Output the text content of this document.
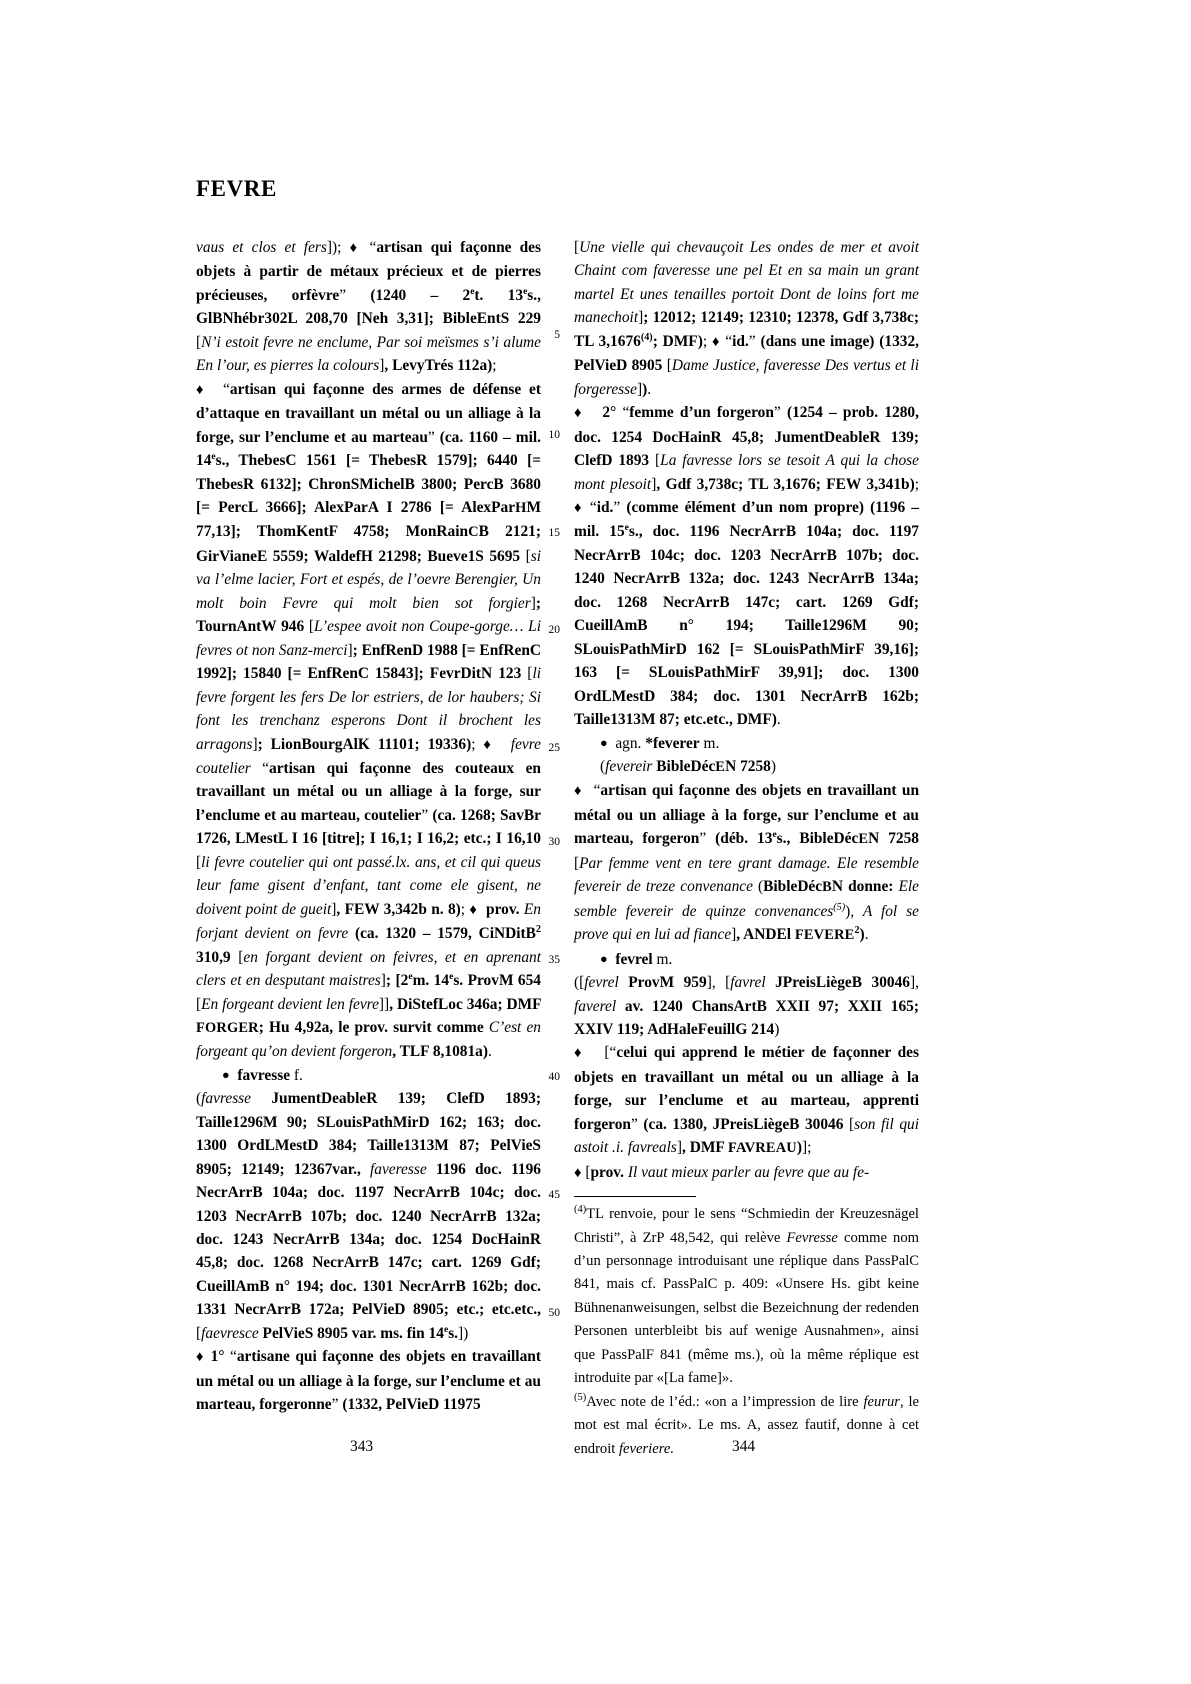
FEVRE

vaus et clos et fers]); ♦ “artisan qui façonne des objets à partir de métaux précieux et de pierres précieuses, orfèvre” (1240 – 2et. 13es., GlBNhébr302L 208,70 [Neh 3,31]; BibleEntS 229 [N’i estoit fevre ne enclume, Par soi meïsmes s’i alume En l’our, es pierres la colours], LevyTrés 112a);

♦   “artisan qui façonne des armes de défense et d’attaque en travaillant un métal ou un alliage à la forge, sur l’enclume et au marteau” (ca. 1160 – mil. 14es., ThebesC 1561 [= ThebesR 1579]; 6440 [= ThebesR 6132]; ChronSMichelB 3800; PercB 3680 [= PercL 3666]; AlexParA I 2786 [= AlexParHM 77,13]; ThomKentF 4758; MonRainCB 2121; GirVianeE 5559; WaldefH 21298; Bueve1S 5695 [si va l’elme lacier, Fort et espés, de l’oevre Berengier, Un molt boin Fevre qui molt bien sot forgier]; TournAntW 946 [L’espee avoit non Coupe-gorge… Li fevres ot non Sanz-merci]; EnfRenD 1988 [= EnfRenC 1992]; 15840 [= EnfRenC 15843]; FevrDitN 123 [li fevre forgent les fers De lor estriers, de lor haubers; Si font les trenchanz esperons Dont il brochent les arragons]; LionBourgAlK 11101; 19336); ♦   fevre coutelier “artisan qui façonne des couteaux en travaillant un métal ou un alliage à la forge, sur l’enclume et au marteau, coutelier” (ca. 1268; SavBr 1726, LMestL I 16 [titre]; I 16,1; I 16,2; etc.; I 16,10 [li fevre coutelier qui ont passé.lx. ans, et cil qui queus leur fame gisent d’enfant, tant come ele gisent, ne doivent point de gueit], FEW 3,342b n. 8); ♦   prov. En forjant devient on fevre (ca. 1320 – 1579, CiNDitB$^2$ 310,9 [en forgant devient on feivres, et en aprenant clers et en desputant maistres]; [2em. 14es. ProvM 654 [En forgeant devient len fevre]], DiStefLoc 346a; DMF FORGER; Hu 4,92a, le prov. survit comme C’est en forgeant qu’on devient forgeron, TLF 8,1081a).

●   favresse f.

(favresse JumentDeableR 139; ClefD 1893; Taille1296M 90; SLouisPathMirD 162; 163; doc. 1300 OrdLMestD 384; Taille1313M 87; PelVieS 8905; 12149; 12367var., faveresse 1196 doc. 1196 NecrArrB 104a; doc. 1197 NecrArrB 104c; doc. 1203 NecrArrB 107b; doc. 1240 NecrArrB 132a; doc. 1243 NecrArrB 134a; doc. 1254 DocHainR 45,8; doc. 1268 NecrArrB 147c; cart. 1269 Gdf; CueillAmB n° 194; doc. 1301 NecrArrB 162b; doc. 1331 NecrArrB 172a; PelVieD 8905; etc.; etc.etc., [faevresce PelVieS 8905 var. ms. fin 14es.])

♦ 1° “artisane qui façonne des objets en travaillant un métal ou un alliage à la forge, sur l’enclume et au marteau, forgeronne” (1332, PelVieD 11975

[Une vielle qui chevauçoit Les ondes de mer et avoit Chaint com faveresse une pel Et en sa main un grant martel Et unes tenailles portoit Dont de loins fort me manechoit]; 12012; 12149; 12310; 12378, Gdf 3,738c; TL 3,1676$^{(4)}$; DMF); ♦ “id.” (dans une image) (1332, PelVieD 8905 [Dame Justice, faveresse Des vertus et li forgeresse]).

♦    2° “femme d’un forgeron” (1254 – prob. 1280, doc. 1254 DocHainR 45,8; JumentDeableR 139; ClefD 1893 [La favresse lors se tesoit A qui la chose mont plesoit], Gdf 3,738c; TL 3,1676; FEW 3,341b); ♦ “id.” (comme élément d’un nom propre) (1196 – mil. 15es., doc. 1196 NecrArrB 104a; doc. 1197 NecrArrB 104c; doc. 1203 NecrArrB 107b; doc. 1240 NecrArrB 132a; doc. 1243 NecrArrB 134a; doc. 1268 NecrArrB 147c; cart. 1269 Gdf; CueillAmB n° 194; Taille1296M 90; SLouisPathMirD 162 [= SLouisPathMirF 39,16]; 163 [= SLouisPathMirF 39,91]; doc. 1300 OrdLMestD 384; doc. 1301 NecrArrB 162b; Taille1313M 87; etc.etc., DMF).

●   agn. *feverer m.

(fevereir BibleDécEN 7258)

♦   “artisan qui façonne des objets en travaillant un métal ou un alliage à la forge, sur l’enclume et au marteau, forgeron” (déb. 13es., BibleDécEN 7258 [Par femme vent en tere grant damage. Ele resemble fevereir de treze convenance (BibleDécBN donne: Ele semble fevereir de quinze convenances$^{(5)}$), A fol se prove qui en lui ad fiance], ANDEl FEVERE$^2$).

●   fevrel m.

([fevrel ProvM 959], [favrel JPreisLiègeB 30046], faverel av. 1240 ChansArtB XXII 97; XXII 165; XXIV 119; AdHaleFeuillG 214)

♦    [“celui qui apprend le métier de façonner des objets en travaillant un métal ou un alliage à la forge, sur l’enclume et au marteau, apprenti forgeron” (ca. 1380, JPreisLiègeB 30046 [son fil qui astoit .i. favreals], DMF FAVREAU)];

♦ [prov. Il vaut mieux parler au fevre que au fe-

$^{(4)}$TL renvoie, pour le sens “Schmiedin der Kreuzesnägel Christi”, à ZrP 48,542, qui relève Fevresse comme nom d’un personnage introduisant une réplique dans PassPalC 841, mais cf. PassPalC p. 409: «Unsere Hs. gibt keine Bühnenanweisungen, selbst die Bezeichnung der redenden Personen unterbleibt bis auf wenige Ausnahmen», ainsi que PassPalF 841 (même ms.), où la même réplique est introduite par «[La fame]».

$^{(5)}$Avec note de l’éd.: «on a l’impression de lire feurur, le mot est mal écrit». Le ms. A, assez fautif, donne à cet endroit feveriere.

5
10
15
20
25
30
35
40
45
50
343	344
